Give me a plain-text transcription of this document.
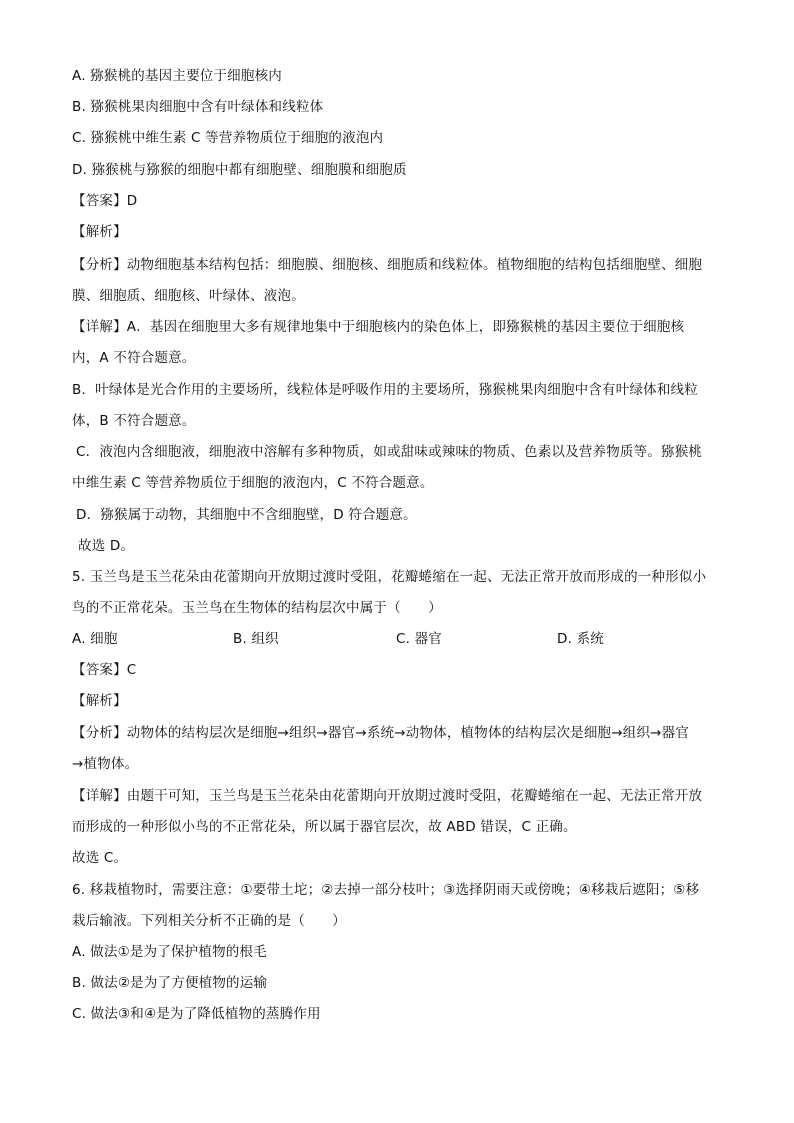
A. 猕猴桃的基因主要位于细胞核内
B. 猕猴桃果肉细胞中含有叶绿体和线粒体
C. 猕猴桃中维生素 C 等营养物质位于细胞的液泡内
D. 猕猴桃与猕猴的细胞中都有细胞壁、细胞膜和细胞质
【答案】D
【解析】
【分析】动物细胞基本结构包括：细胞膜、细胞核、细胞质和线粒体。植物细胞的结构包括细胞壁、细胞
膜、细胞质、细胞核、叶绿体、液泡。
【详解】A．基因在细胞里大多有规律地集中于细胞核内的染色体上，即猕猴桃的基因主要位于细胞核
内，A 不符合题意。
B．叶绿体是光合作用的主要场所，线粒体是呼吸作用的主要场所，猕猴桃果肉细胞中含有叶绿体和线粒
体，B 不符合题意。
C．液泡内含细胞液，细胞液中溶解有多种物质，如或甜味或辣味的物质、色素以及营养物质等。猕猴桃
中维生素 C 等营养物质位于细胞的液泡内，C 不符合题意。
D．猕猴属于动物，其细胞中不含细胞壁，D 符合题意。
故选 D。
5. 玉兰鸟是玉兰花朵由花蕾期向开放期过渡时受阻，花瓣蜷缩在一起、无法正常开放而形成的一种形似小
鸟的不正常花朵。玉兰鸟在生物体的结构层次中属于（　　）
A. 细胞	B. 组织	C. 器官	D. 系统
【答案】C
【解析】
【分析】动物体的结构层次是细胞→组织→器官→系统→动物体，植物体的结构层次是细胞→组织→器官
→植物体。
【详解】由题干可知，玉兰鸟是玉兰花朵由花蕾期向开放期过渡时受阻，花瓣蜷缩在一起、无法正常开放
而形成的一种形似小鸟的不正常花朵，所以属于器官层次，故 ABD 错误，C 正确。
故选 C。
6. 移栽植物时，需要注意：①要带土坨；②去掉一部分枝叶；③选择阴雨天或傍晚；④移栽后遮阳；⑤移
栽后输液。下列相关分析不正确的是（　　）
A. 做法①是为了保护植物的根毛
B. 做法②是为了方便植物的运输
C. 做法③和④是为了降低植物的蒸腾作用
